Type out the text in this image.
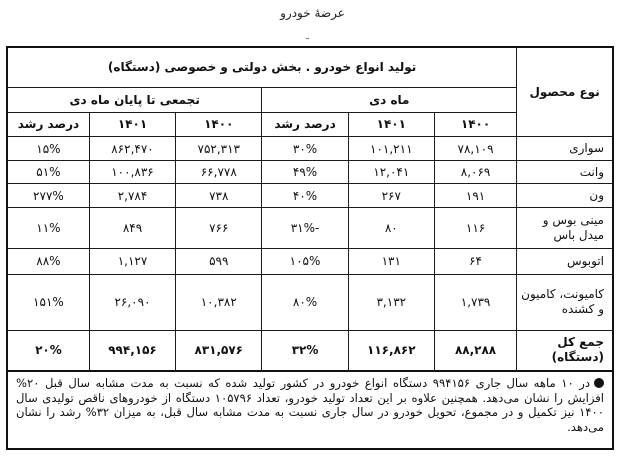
عرضهٔ خودرو
نوع محصول	تولید انواع خودرو . بخش دولتی و خصوصی (دستگاه)					
	ماه دی			تجمعی تا پایان ماه دی		
	۱۴۰۰	۱۴۰۱	درصد رشد	۱۴۰۰	۱۴۰۱	درصد رشد
سواری	۷۸,۱۰۹	۱۰۱,۲۱۱	۳۰%	۷۵۲,۳۱۳	۸۶۲,۴۷۰	۱۵%
وانت	۸,۰۶۹	۱۲,۰۴۱	۴۹%	۶۶,۷۷۸	۱۰۰,۸۳۶	۵۱%
ون	۱۹۱	۲۶۷	۴۰%	۷۳۸	۲,۷۸۴	۲۷۷%
مینی بوس و میدل باس	۱۱۶	۸۰	-۳۱%	۷۶۶	۸۴۹	۱۱%
اتوبوس	۶۴	۱۳۱	۱۰۵%	۵۹۹	۱,۱۲۷	۸۸%
کامیونت، کامیون و کشنده	۱,۷۳۹	۳,۱۳۲	۸۰%	۱۰,۳۸۲	۲۶,۰۹۰	۱۵۱%
جمع کل (دستگاه)	۸۸,۲۸۸	۱۱۶,۸۶۲	۳۲%	۸۳۱,۵۷۶	۹۹۴,۱۵۶	۲۰%
در ۱۰ ماهه سال جاری ۹۹۴۱۵۶ دستگاه انواع خودرو در کشور تولید شده که نسبت به مدت مشابه سال قبل ۲۰% افزایش را نشان می‌دهد. همچنین علاوه بر این تعداد تولید خودرو، تعداد ۱۰۵۷۹۶ دستگاه از خودروهای ناقص تولیدی سال ۱۴۰۰ نیز تکمیل و در مجموع، تحویل خودرو در سال جاری نسبت به مدت مشابه سال قبل، به میزان ۳۲% رشد را نشان می‌دهد.
